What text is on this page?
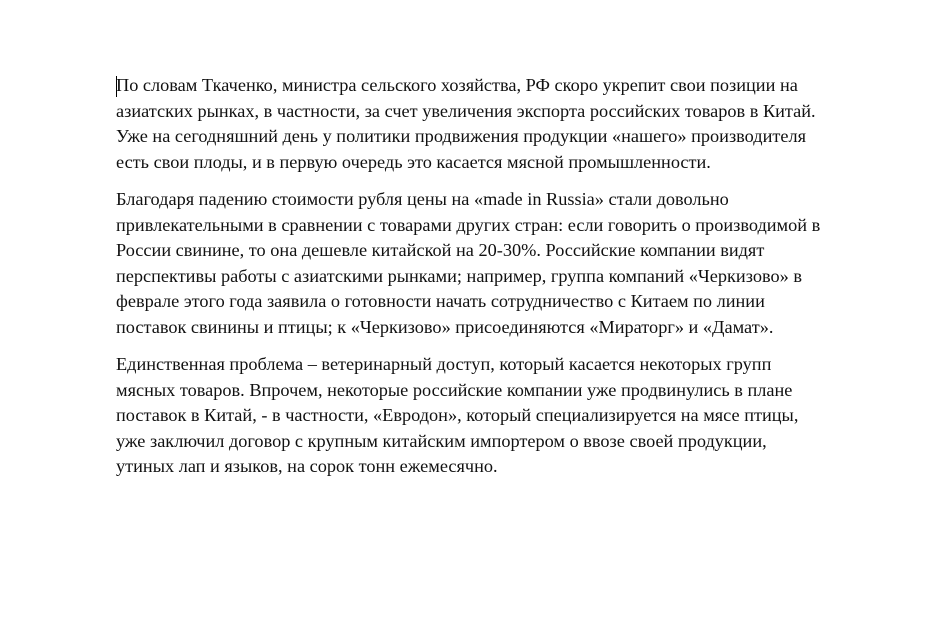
По словам Ткаченко, министра сельского хозяйства, РФ скоро укрепит свои позиции на
азиатских рынках, в частности, за счет увеличения экспорта российских товаров в Китай.
Уже на сегодняшний день у политики продвижения продукции «нашего» производителя
есть свои плоды, и в первую очередь это касается мясной промышленности.

Благодаря падению стоимости рубля цены на «made in Russia» стали довольно
привлекательными в сравнении с товарами других стран: если говорить о производимой в
России свинине, то она дешевле китайской на 20-30%. Российские компании видят
перспективы работы с азиатскими рынками; например, группа компаний «Черкизово» в
феврале этого года заявила о готовности начать сотрудничество с Китаем по линии
поставок свинины и птицы; к «Черкизово» присоединяются «Мираторг» и «Дамат».

Единственная проблема – ветеринарный доступ, который касается некоторых групп
мясных товаров. Впрочем, некоторые российские компании уже продвинулись в плане
поставок в Китай, - в частности, «Евродон», который специализируется на мясе птицы,
уже заключил договор с крупным китайским импортером о ввозе своей продукции,
утиных лап и языков, на сорок тонн ежемесячно.
